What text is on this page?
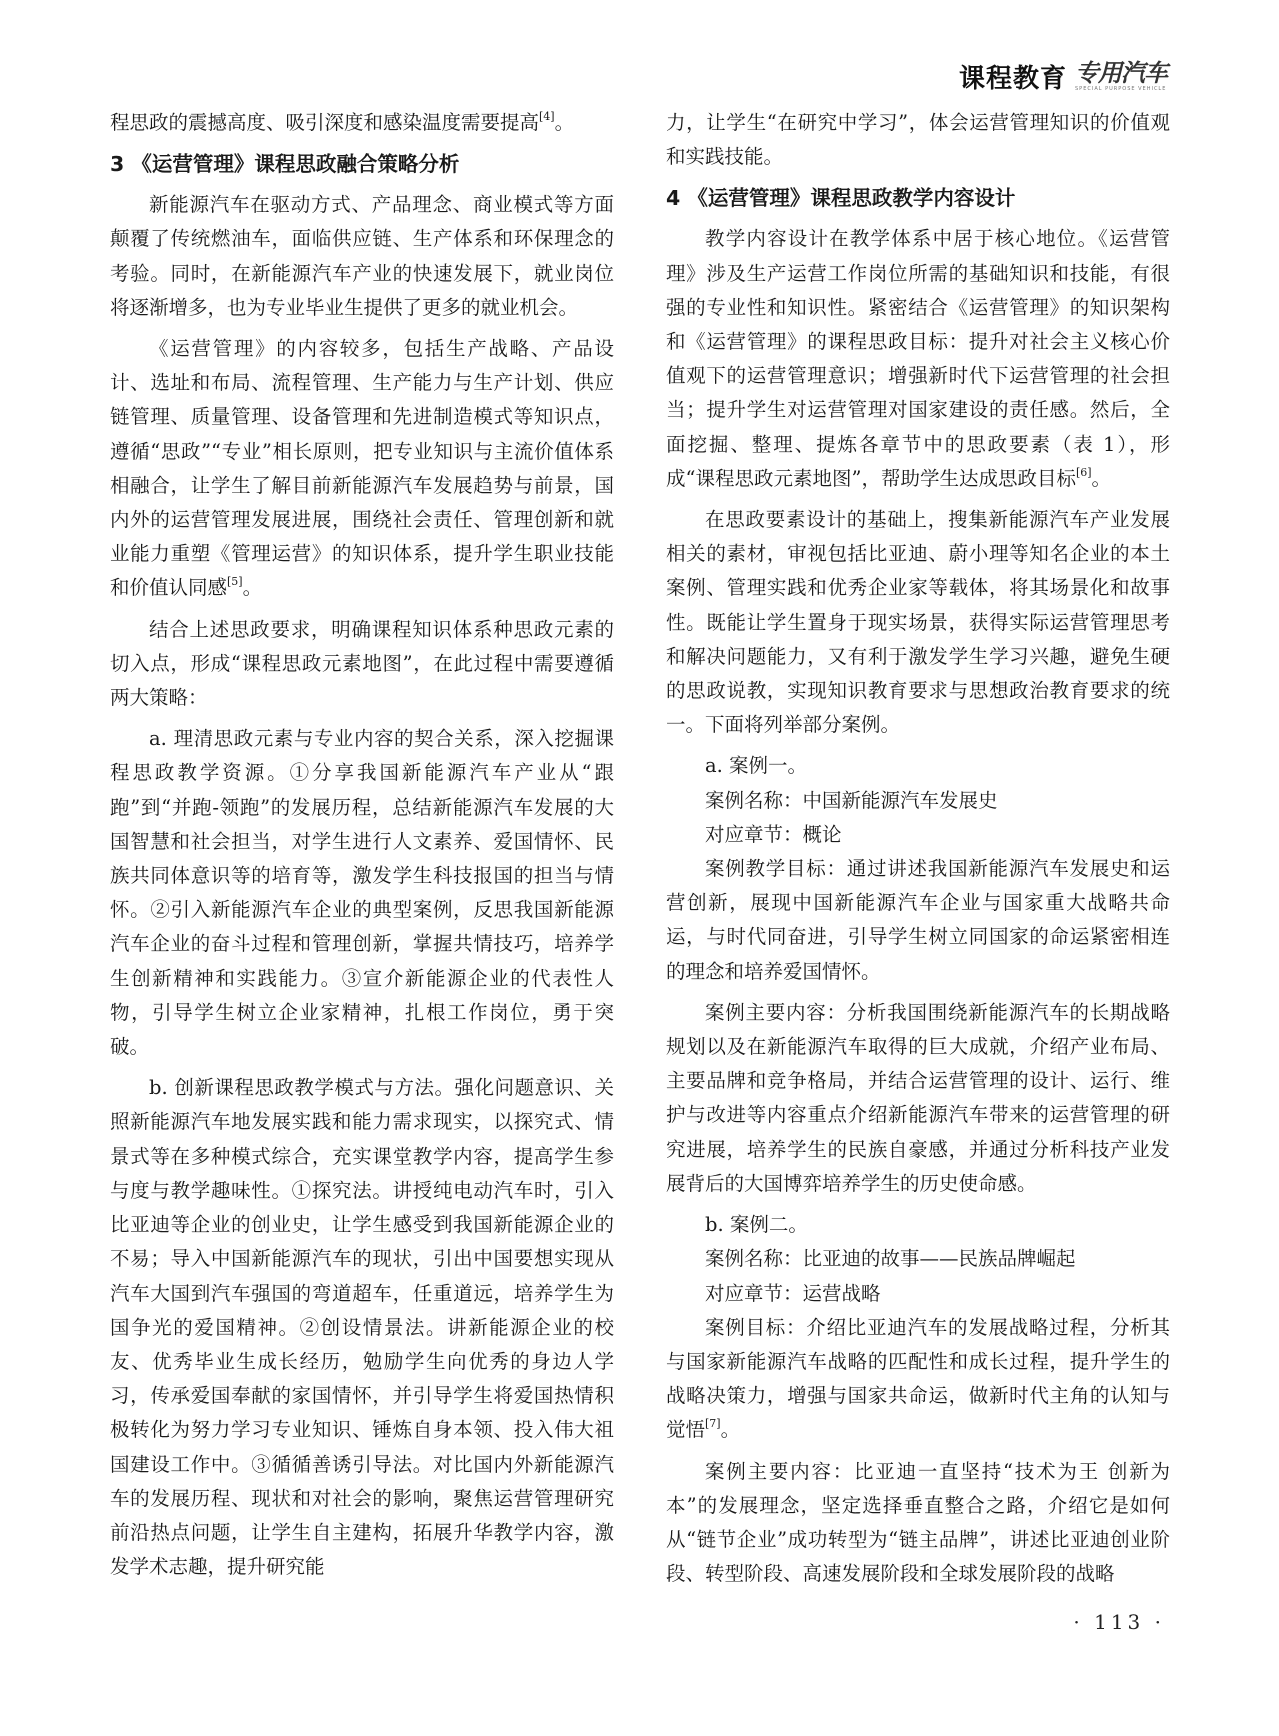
课程教育 专用汽车
SPECIAL PURPOSE VEHICLE

程思政的震撼高度、吸引深度和感染温度需要提高[4]。

3 《运营管理》课程思政融合策略分析

新能源汽车在驱动方式、产品理念、商业模式等方面颠覆了传统燃油车，面临供应链、生产体系和环保理念的考验。同时，在新能源汽车产业的快速发展下，就业岗位将逐渐增多，也为专业毕业生提供了更多的就业机会。

《运营管理》的内容较多，包括生产战略、产品设计、选址和布局、流程管理、生产能力与生产计划、供应链管理、质量管理、设备管理和先进制造模式等知识点，遵循“思政”“专业”相长原则，把专业知识与主流价值体系相融合，让学生了解目前新能源汽车发展趋势与前景，国内外的运营管理发展进展，围绕社会责任、管理创新和就业能力重塑《管理运营》的知识体系，提升学生职业技能和价值认同感[5]。

结合上述思政要求，明确课程知识体系种思政元素的切入点，形成“课程思政元素地图”，在此过程中需要遵循两大策略：

a. 理清思政元素与专业内容的契合关系，深入挖掘课程思政教学资源。①分享我国新能源汽车产业从“跟跑”到“并跑-领跑”的发展历程，总结新能源汽车发展的大国智慧和社会担当，对学生进行人文素养、爱国情怀、民族共同体意识等的培育等，激发学生科技报国的担当与情怀。②引入新能源汽车企业的典型案例，反思我国新能源汽车企业的奋斗过程和管理创新，掌握共情技巧，培养学生创新精神和实践能力。③宣介新能源企业的代表性人物，引导学生树立企业家精神，扎根工作岗位，勇于突破。

b. 创新课程思政教学模式与方法。强化问题意识、关照新能源汽车地发展实践和能力需求现实，以探究式、情景式等在多种模式综合，充实课堂教学内容，提高学生参与度与教学趣味性。①探究法。讲授纯电动汽车时，引入比亚迪等企业的创业史，让学生感受到我国新能源企业的不易；导入中国新能源汽车的现状，引出中国要想实现从汽车大国到汽车强国的弯道超车，任重道远，培养学生为国争光的爱国精神。②创设情景法。讲新能源企业的校友、优秀毕业生成长经历，勉励学生向优秀的身边人学习，传承爱国奉献的家国情怀，并引导学生将爱国热情积极转化为努力学习专业知识、锤炼自身本领、投入伟大祖国建设工作中。③循循善诱引导法。对比国内外新能源汽车的发展历程、现状和对社会的影响，聚焦运营管理研究前沿热点问题，让学生自主建构，拓展升华教学内容，激发学术志趣，提升研究能

力，让学生“在研究中学习”，体会运营管理知识的价值观和实践技能。

4 《运营管理》课程思政教学内容设计

教学内容设计在教学体系中居于核心地位。《运营管理》涉及生产运营工作岗位所需的基础知识和技能，有很强的专业性和知识性。紧密结合《运营管理》的知识架构和《运营管理》的课程思政目标：提升对社会主义核心价值观下的运营管理意识；增强新时代下运营管理的社会担当；提升学生对运营管理对国家建设的责任感。然后，全面挖掘、整理、提炼各章节中的思政要素（表 1），形成“课程思政元素地图”，帮助学生达成思政目标[6]。

在思政要素设计的基础上，搜集新能源汽车产业发展相关的素材，审视包括比亚迪、蔚小理等知名企业的本土案例、管理实践和优秀企业家等载体，将其场景化和故事性。既能让学生置身于现实场景，获得实际运营管理思考和解决问题能力，又有利于激发学生学习兴趣，避免生硬的思政说教，实现知识教育要求与思想政治教育要求的统一。下面将列举部分案例。

a. 案例一。

案例名称：中国新能源汽车发展史

对应章节：概论

案例教学目标：通过讲述我国新能源汽车发展史和运营创新，展现中国新能源汽车企业与国家重大战略共命运，与时代同奋进，引导学生树立同国家的命运紧密相连的理念和培养爱国情怀。

案例主要内容：分析我国围绕新能源汽车的长期战略规划以及在新能源汽车取得的巨大成就，介绍产业布局、主要品牌和竞争格局，并结合运营管理的设计、运行、维护与改进等内容重点介绍新能源汽车带来的运营管理的研究进展，培养学生的民族自豪感，并通过分析科技产业发展背后的大国博弈培养学生的历史使命感。

b. 案例二。

案例名称：比亚迪的故事——民族品牌崛起

对应章节：运营战略

案例目标：介绍比亚迪汽车的发展战略过程，分析其与国家新能源汽车战略的匹配性和成长过程，提升学生的战略决策力，增强与国家共命运，做新时代主角的认知与觉悟[7]。

案例主要内容：比亚迪一直坚持“技术为王 创新为本”的发展理念，坚定选择垂直整合之路，介绍它是如何从“链节企业”成功转型为“链主品牌”，讲述比亚迪创业阶段、转型阶段、高速发展阶段和全球发展阶段的战略

· 113 ·
